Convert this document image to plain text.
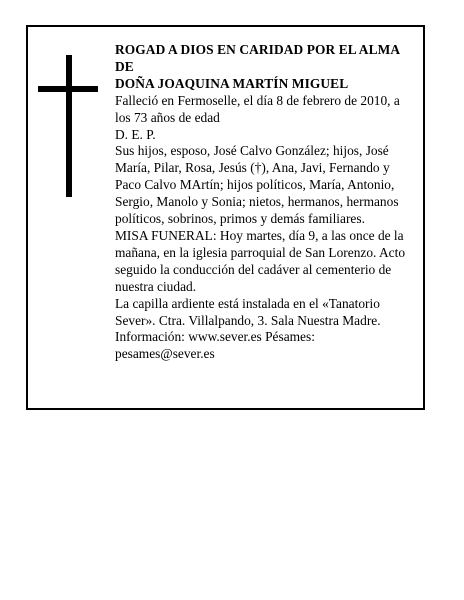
ROGAD A DIOS EN CARIDAD POR EL ALMA DE

DOÑA JOAQUINA MARTÍN MIGUEL

Falleció en Fermoselle, el día 8 de febrero de 2010, a los 73 años de edad

D. E. P.

Sus hijos, esposo, José Calvo González; hijos, José María, Pilar, Rosa, Jesús (†), Ana, Javi, Fernando y Paco Calvo MArtín; hijos políticos, María, Antonio, Sergio, Manolo y Sonia; nietos, hermanos, hermanos políticos, sobrinos, primos y demás familiares.

MISA FUNERAL: Hoy martes, día 9, a las once de la mañana, en la iglesia parroquial de San Lorenzo. Acto seguido la conducción del cadáver al cementerio de nuestra ciudad.

La capilla ardiente está instalada en el «Tanatorio Sever». Ctra. Villalpando, 3. Sala Nuestra Madre.

Información: www.sever.es Pésames: pesames@sever.es
